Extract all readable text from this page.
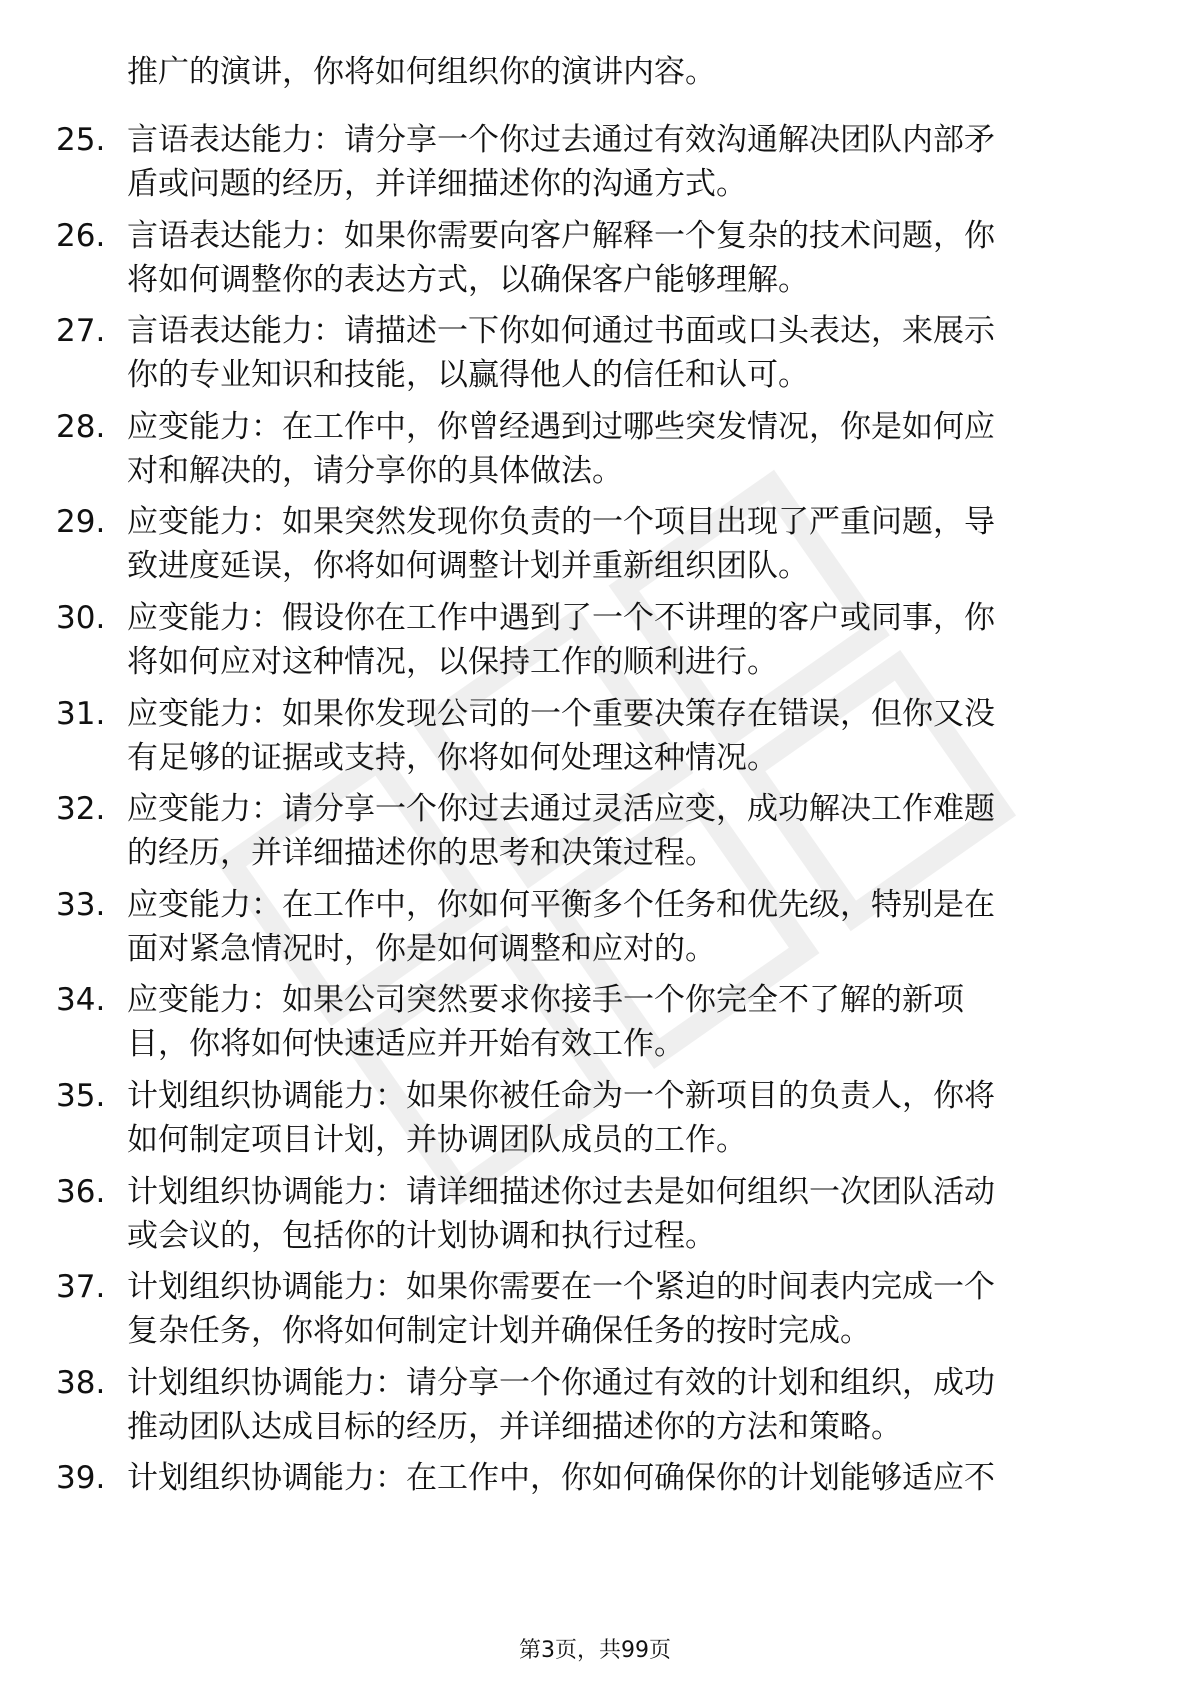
推广的演讲，你将如何组织你的演讲内容。

25. 言语表达能力：请分享一个你过去通过有效沟通解决团队内部矛
盾或问题的经历，并详细描述你的沟通方式。

26. 言语表达能力：如果你需要向客户解释一个复杂的技术问题，你
将如何调整你的表达方式，以确保客户能够理解。

27. 言语表达能力：请描述一下你如何通过书面或口头表达，来展示
你的专业知识和技能，以赢得他人的信任和认可。

28. 应变能力：在工作中，你曾经遇到过哪些突发情况，你是如何应
对和解决的，请分享你的具体做法。

29. 应变能力：如果突然发现你负责的一个项目出现了严重问题，导
致进度延误，你将如何调整计划并重新组织团队。

30. 应变能力：假设你在工作中遇到了一个不讲理的客户或同事，你
将如何应对这种情况，以保持工作的顺利进行。

31. 应变能力：如果你发现公司的一个重要决策存在错误，但你又没
有足够的证据或支持，你将如何处理这种情况。

32. 应变能力：请分享一个你过去通过灵活应变，成功解决工作难题
的经历，并详细描述你的思考和决策过程。

33. 应变能力：在工作中，你如何平衡多个任务和优先级，特别是在
面对紧急情况时，你是如何调整和应对的。

34. 应变能力：如果公司突然要求你接手一个你完全不了解的新项
目，你将如何快速适应并开始有效工作。

35. 计划组织协调能力：如果你被任命为一个新项目的负责人，你将
如何制定项目计划，并协调团队成员的工作。

36. 计划组织协调能力：请详细描述你过去是如何组织一次团队活动
或会议的，包括你的计划协调和执行过程。

37. 计划组织协调能力：如果你需要在一个紧迫的时间表内完成一个
复杂任务，你将如何制定计划并确保任务的按时完成。

38. 计划组织协调能力：请分享一个你通过有效的计划和组织，成功
推动团队达成目标的经历，并详细描述你的方法和策略。

39. 计划组织协调能力：在工作中，你如何确保你的计划能够适应不

第3页，共99页
